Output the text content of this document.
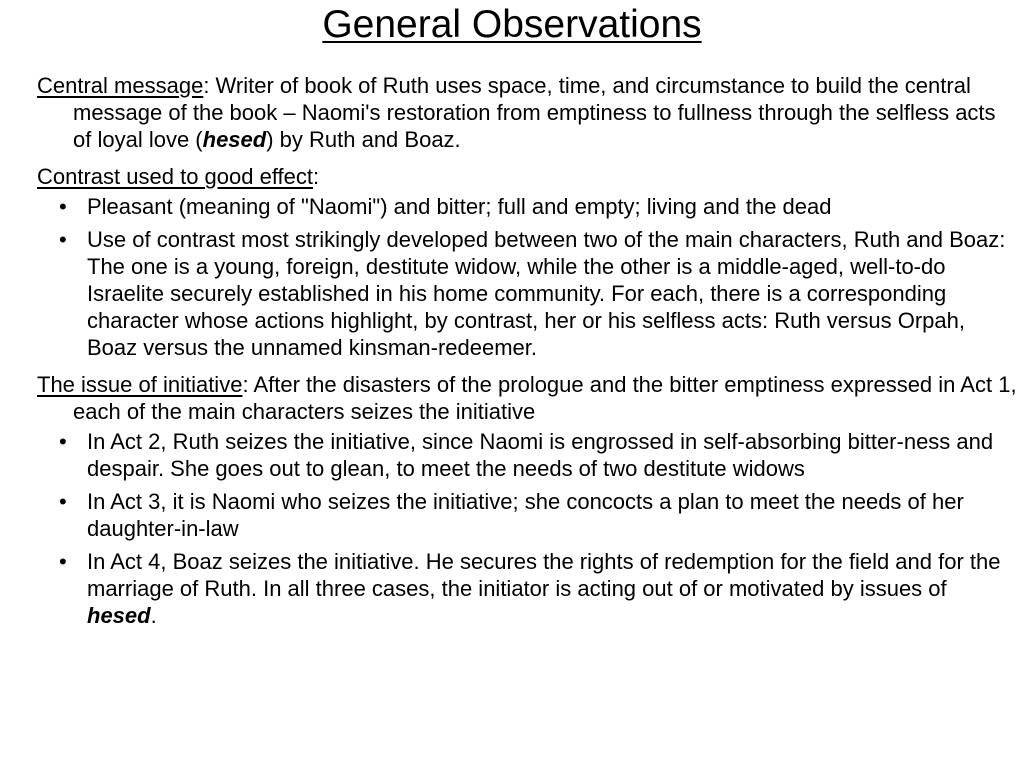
General Observations

Central message: Writer of book of Ruth uses space, time, and circumstance to build the central message of the book – Naomi's restoration from emptiness to fullness through the selfless acts of loyal love (hesed) by Ruth and Boaz.

Contrast used to good effect:

• Pleasant (meaning of "Naomi") and bitter; full and empty; living and the dead
• Use of contrast most strikingly developed between two of the main characters, Ruth and Boaz: The one is a young, foreign, destitute widow, while the other is a middle-aged, well-to-do Israelite securely established in his home community. For each, there is a corresponding character whose actions highlight, by contrast, her or his selfless acts: Ruth versus Orpah, Boaz versus the unnamed kinsman-redeemer.

The issue of initiative: After the disasters of the prologue and the bitter emptiness expressed in Act 1, each of the main characters seizes the initiative

• In Act 2, Ruth seizes the initiative, since Naomi is engrossed in self-absorbing bitter-ness and despair. She goes out to glean, to meet the needs of two destitute widows
• In Act 3, it is Naomi who seizes the initiative; she concocts a plan to meet the needs of her daughter-in-law
• In Act 4, Boaz seizes the initiative. He secures the rights of redemption for the field and for the marriage of Ruth. In all three cases, the initiator is acting out of or motivated by issues of hesed.
